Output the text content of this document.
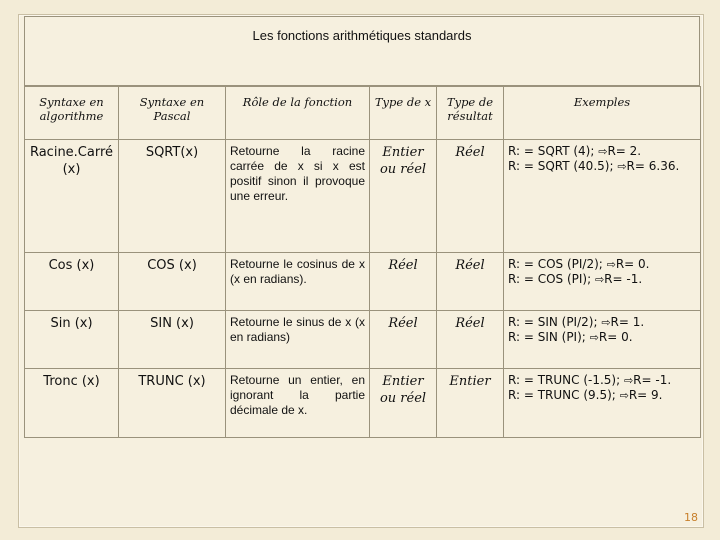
Les fonctions arithmétiques standards
Syntaxe en algorithme	Syntaxe en Pascal	Rôle de la fonction	Type de x	Type de résultat	Exemples
Racine.Carré (x)	SQRT(x)	Retourne la racine carrée de x si x est positif sinon il provoque une erreur.	Entier ou réel	Réel	R: = SQRT (4); ⇨R= 2.
R: = SQRT (40.5); ⇨R= 6.36.

Cos (x)	COS (x)	Retourne le cosinus de x (x en radians).	Réel	Réel	R: = COS (PI/2); ⇨R= 0.
R: = COS (PI); ⇨R= -1.

Sin (x)	SIN (x)	Retourne le sinus de x (x en radians)	Réel	Réel	R: = SIN (PI/2); ⇨R= 1.
R: = SIN (PI); ⇨R= 0.

Tronc (x)	TRUNC (x)	Retourne un entier, en ignorant la partie décimale de x.	Entier ou réel	Entier	R: = TRUNC (-1.5); ⇨R= -1.
R: = TRUNC (9.5); ⇨R= 9.
18
